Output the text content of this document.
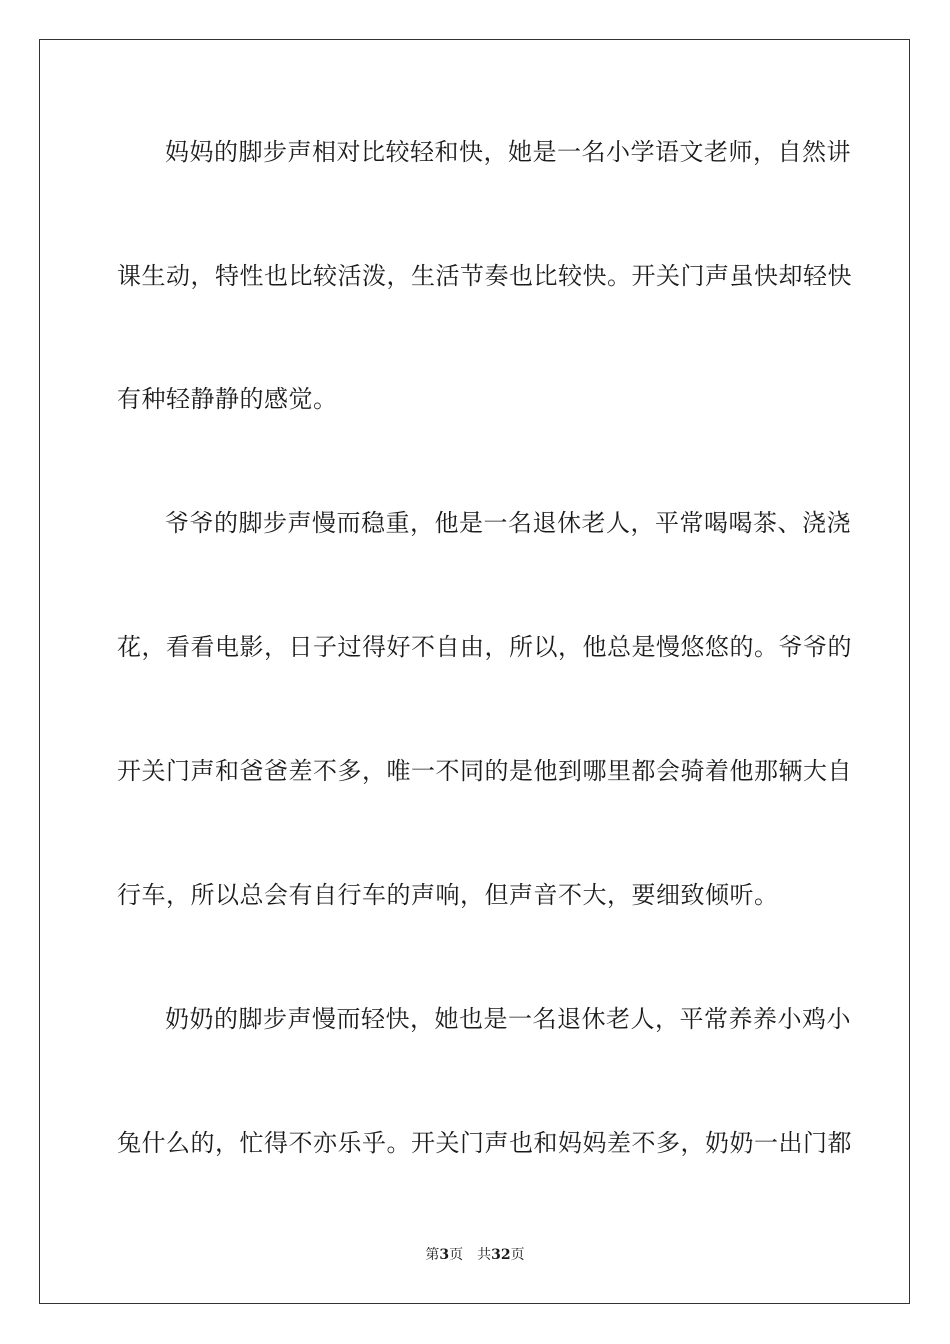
妈妈的脚步声相对比较轻和快，她是一名小学语文老师，自然讲
课生动，特性也比较活泼，生活节奏也比较快。开关门声虽快却轻快
有种轻静静的感觉。
爷爷的脚步声慢而稳重，他是一名退休老人，平常喝喝茶、浇浇
花，看看电影，日子过得好不自由，所以，他总是慢悠悠的。爷爷的
开关门声和爸爸差不多，唯一不同的是他到哪里都会骑着他那辆大自
行车，所以总会有自行车的声响，但声音不大，要细致倾听。
奶奶的脚步声慢而轻快，她也是一名退休老人，平常养养小鸡小
兔什么的，忙得不亦乐乎。开关门声也和妈妈差不多，奶奶一出门都
第3页 共32页
